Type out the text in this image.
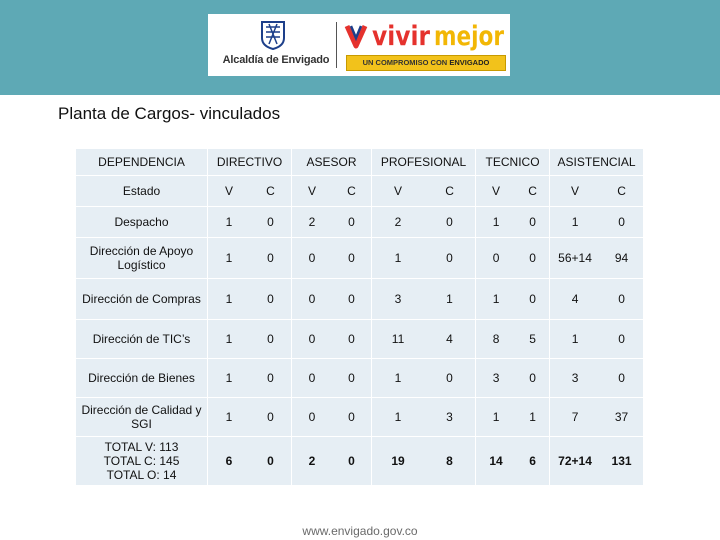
Alcaldía de Envigado
vivir mejor
UN COMPROMISO CON ENVIGADO
Planta de Cargos- vinculados
DEPENDENCIA	DIRECTIVO		ASESOR		PROFESIONAL		TECNICO		ASISTENCIAL	
Estado	V	C	V	C	V	C	V	C	V	C
Despacho	1	0	2	0	2	0	1	0	1	0
Dirección de Apoyo Logístico	1	0	0	0	1	0	0	0	56+14	94
Dirección de Compras	1	0	0	0	3	1	1	0	4	0
Dirección de TIC’s	1	0	0	0	11	4	8	5	1	0
Dirección de Bienes	1	0	0	0	1	0	3	0	3	0
Dirección de Calidad y SGI	1	0	0	0	1	3	1	1	7	37

TOTAL V: 113
TOTAL C: 145
TOTAL O: 14	6	0	2	0	19	8	14	6	72+14	131
www.envigado.gov.co
